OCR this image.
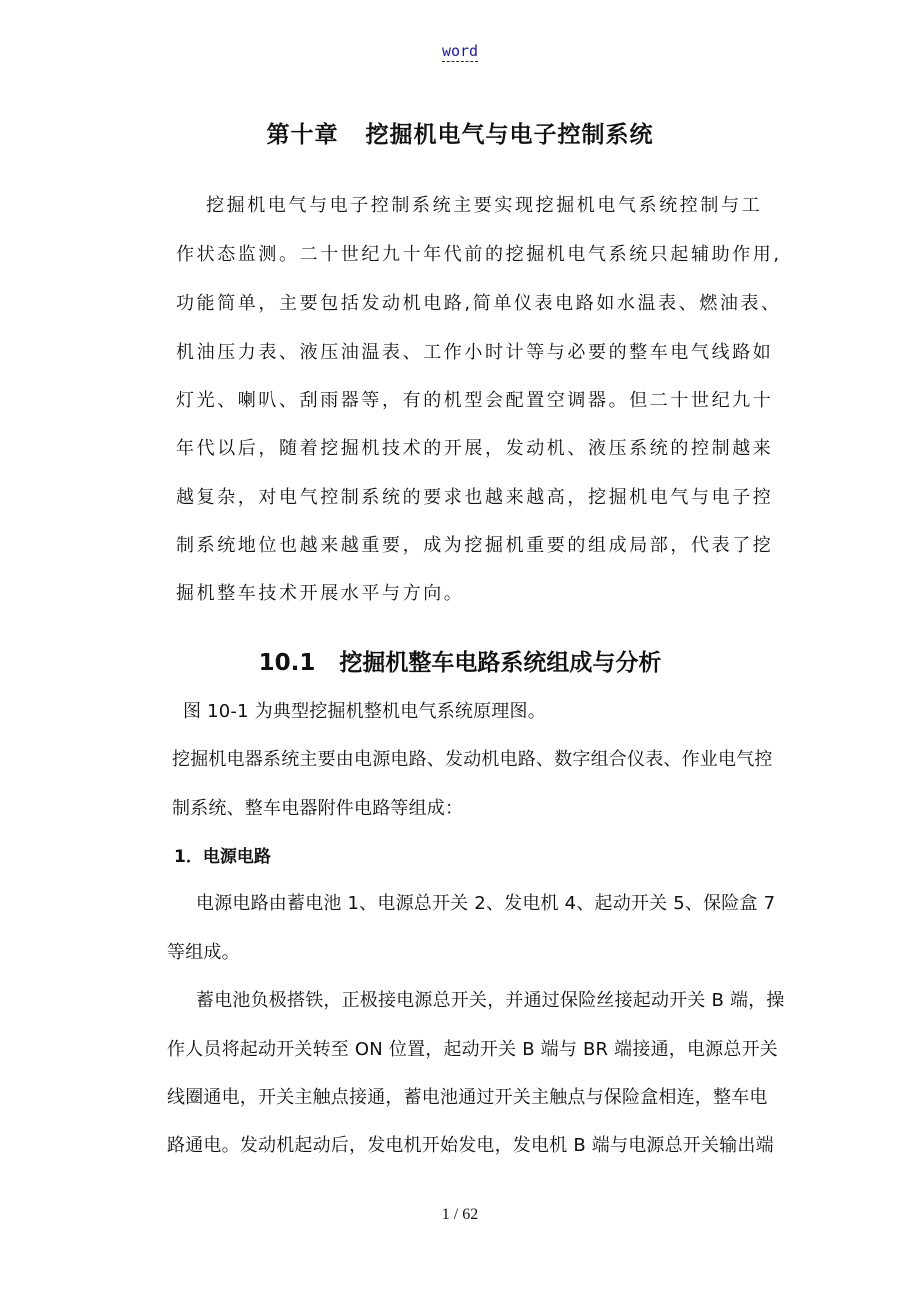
word
第十章   挖掘机电气与电子控制系统
挖掘机电气与电子控制系统主要实现挖掘机电气系统控制与工
作状态监测。二十世纪九十年代前的挖掘机电气系统只起辅助作用,
功能简单，主要包括发动机电路,简单仪表电路如水温表、燃油表、
机油压力表、液压油温表、工作小时计等与必要的整车电气线路如
灯光、喇叭、刮雨器等，有的机型会配置空调器。但二十世纪九十
年代以后，随着挖掘机技术的开展，发动机、液压系统的控制越来
越复杂，对电气控制系统的要求也越来越高，挖掘机电气与电子控
制系统地位也越来越重要，成为挖掘机重要的组成局部，代表了挖
掘机整车技术开展水平与方向。
10.1   挖掘机整车电路系统组成与分析
图 10-1 为典型挖掘机整机电气系统原理图。
挖掘机电器系统主要由电源电路、发动机电路、数字组合仪表、作业电气控
制系统、整车电器附件电路等组成：
1．电源电路
电源电路由蓄电池 1、电源总开关 2、发电机 4、起动开关 5、保险盒 7
等组成。
蓄电池负极搭铁，正极接电源总开关，并通过保险丝接起动开关 B 端，操
作人员将起动开关转至 ON 位置，起动开关 B 端与 BR 端接通，电源总开关
线圈通电，开关主触点接通，蓄电池通过开关主触点与保险盒相连，整车电
路通电。发动机起动后，发电机开始发电，发电机 B 端与电源总开关输出端
1 / 62
